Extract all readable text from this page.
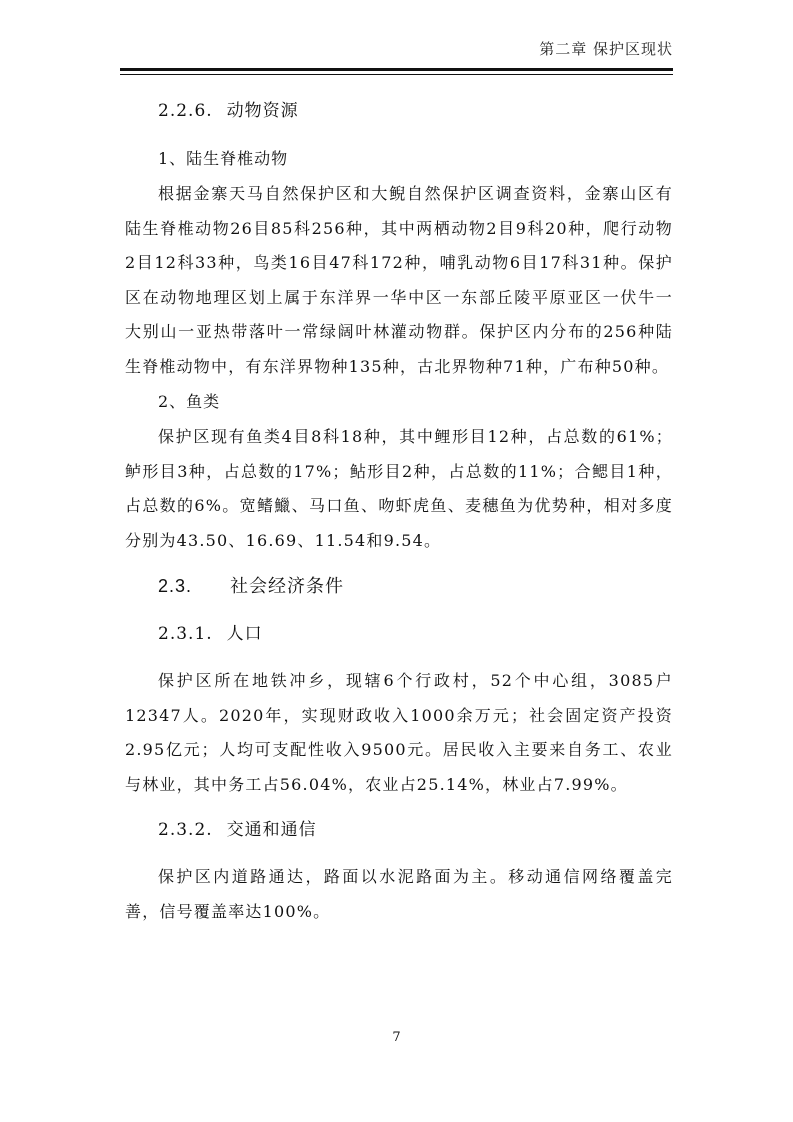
第二章 保护区现状

2.2.6. 动物资源

1、陆生脊椎动物

根据金寨天马自然保护区和大鲵自然保护区调查资料，金寨山区有陆生脊椎动物26目85科256种，其中两栖动物2目9科20种，爬行动物2目12科33种，鸟类16目47科172种，哺乳动物6目17科31种。保护区在动物地理区划上属于东洋界一华中区一东部丘陵平原亚区一伏牛一大别山一亚热带落叶一常绿阔叶林灌动物群。保护区内分布的256种陆生脊椎动物中，有东洋界物种135种，古北界物种71种，广布种50种。

2、鱼类

保护区现有鱼类4目8科18种，其中鲤形目12种，占总数的61%；鲈形目3种，占总数的17%；鲇形目2种，占总数的11%；合鳃目1种，占总数的6%。宽鳍鱲、马口鱼、吻虾虎鱼、麦穗鱼为优势种，相对多度分别为43.50、16.69、11.54和9.54。

2.3. 社会经济条件

2.3.1. 人口

保护区所在地铁冲乡，现辖6个行政村，52个中心组，3085户12347人。2020年，实现财政收入1000余万元；社会固定资产投资2.95亿元；人均可支配性收入9500元。居民收入主要来自务工、农业与林业，其中务工占56.04%，农业占25.14%，林业占7.99%。

2.3.2. 交通和通信

保护区内道路通达，路面以水泥路面为主。移动通信网络覆盖完善，信号覆盖率达100%。

7
